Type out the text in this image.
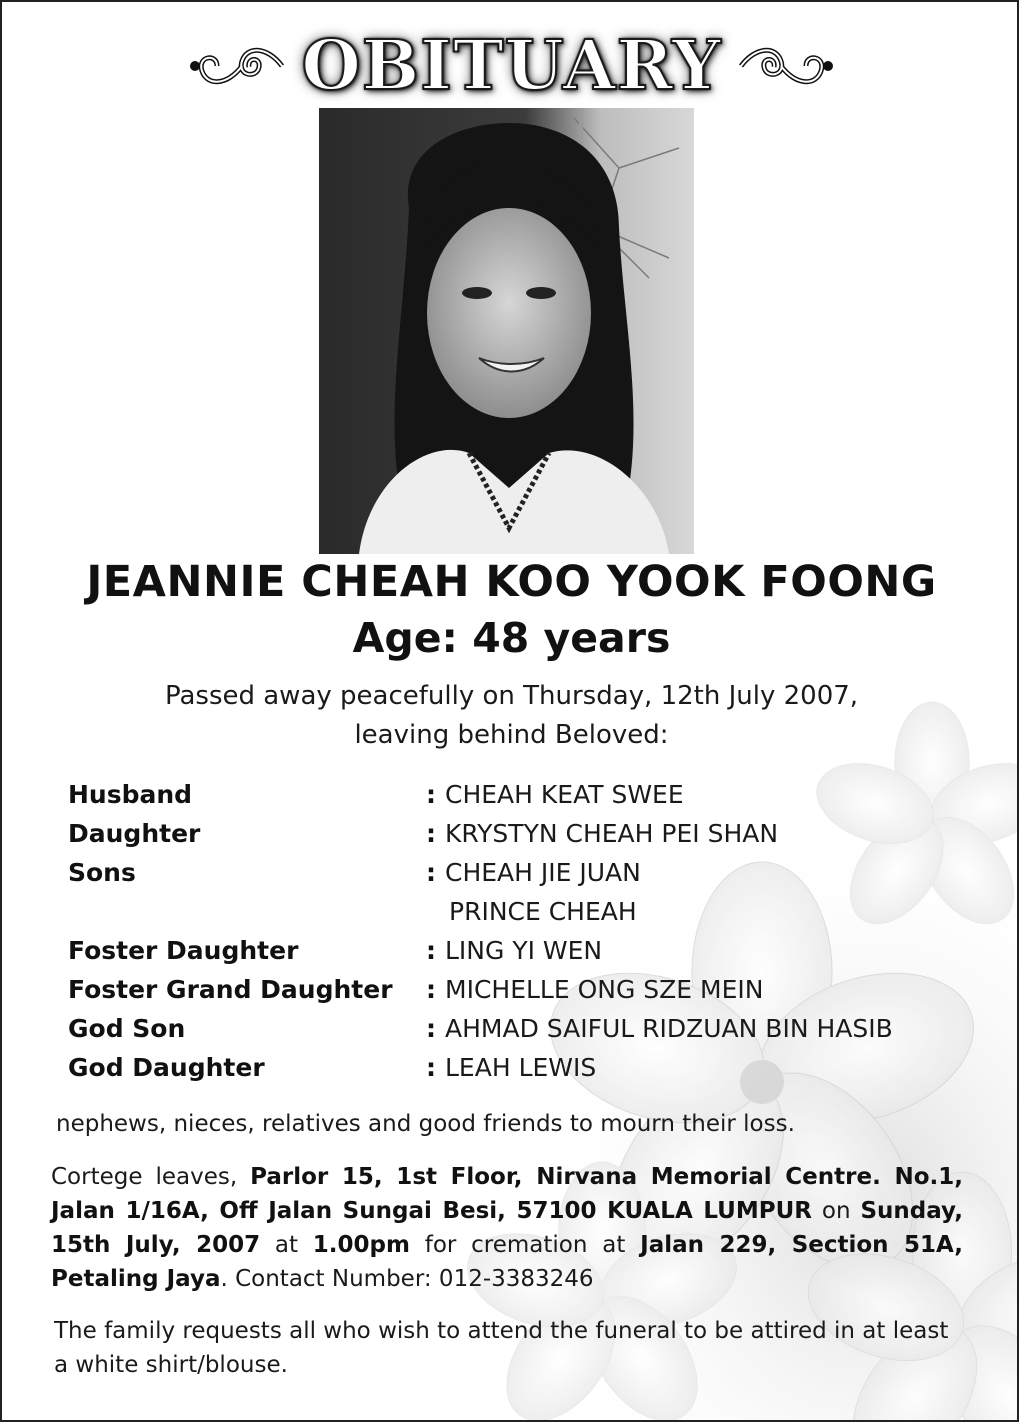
OBITUARY
JEANNIE CHEAH KOO YOOK FOONG
Age: 48 years
Passed away peacefully on Thursday, 12th July 2007,
leaving behind Beloved:
Husband	: CHEAH KEAT SWEE
Daughter	: KRYSTYN CHEAH PEI SHAN
Sons	: CHEAH JIE JUAN
PRINCE CHEAH
Foster Daughter	: LING YI WEN
Foster Grand Daughter : MICHELLE ONG SZE MEIN
God Son	: AHMAD SAIFUL RIDZUAN BIN HASIB
God Daughter	: LEAH LEWIS
nephews, nieces, relatives and good friends to mourn their loss.
Cortege leaves, Parlor 15, 1st Floor, Nirvana Memorial Centre. No.1, Jalan 1/16A, Off Jalan Sungai Besi, 57100 KUALA LUMPUR on Sunday, 15th July, 2007 at 1.00pm for cremation at Jalan 229, Section 51A, Petaling Jaya. Contact Number: 012-3383246
The family requests all who wish to attend the funeral to be attired in at least a white shirt/blouse.
